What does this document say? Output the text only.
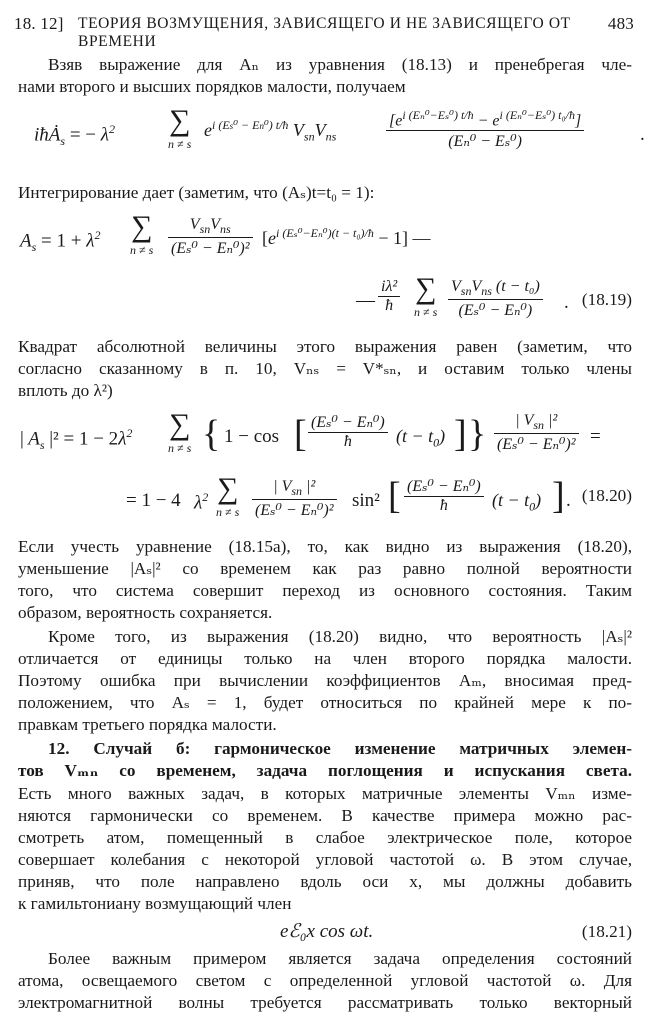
18. 12] ТЕОРИЯ ВОЗМУЩЕНИЯ, ЗАВИСЯЩЕГО И НЕ ЗАВИСЯЩЕГО ОТ ВРЕМЕНИ
483
Взяв выражение для Aₙ из уравнения (18.13) и пренебрегая чле-
нами второго и высших порядков малости, получаем
iħȦ$_s$ = − $\lambda^2$ ∑
n ≠ s
$e^{i (Es^0 - En^0) t/ħ}$ $V_{sn}V_{ns}$	$\frac{[e^{i (E_n^0-E_s^0) t/ħ} - e^{i (E_n^0-E_s^0) t_0/ħ}]}{\text{(Eₙ⁰ − Eₛ⁰)}}$	.
Интегрирование дает (заметим, что (Aₛ)t=t₀ = 1):
$A_s = 1 + \lambda^2$ ∑
n ≠ s
$V_{sn}V_{ns}$
(Eₛ⁰ − Eₙ⁰)²
$[e^{i (E_s^0-E_n^0)(t - t_0)/ħ} - 1]$ —
— $\frac{\text{iλ²}}{ħ}$ ∑
n ≠ s
$V_{sn}V_{ns}$ (t − t₀)
(Eₛ⁰ − Eₙ⁰)	. (18.19)
Квадрат абсолютной величины этого выражения равен (заметим, что
согласно сказанному в п. 10, Vₙₛ = V*ₛₙ, и оставим только члены
вплоть до λ²)
| $A_s$ $|^2 = 1 - 2\lambda^2$ ∑
n ≠ s { 1 − cos [ $\frac{\text{(Eₛ⁰ − Eₙ⁰)}}{ħ} (t - t_0)$ ] }	| $V_{sn}$ |²
(Eₛ⁰ − Eₙ⁰)² =
= 1 − 4 $\lambda^2$ ∑
n ≠ s
| $V_{sn}$ |²
(Eₛ⁰ − Eₙ⁰)² sin² [ $\frac{\text{(Eₛ⁰ − Eₙ⁰)}}{ħ} (t - t_0)$ ] . (18.20)
Если учесть уравнение (18.15а), то, как видно из выражения (18.20),
уменьшение |Aₛ|² со временем как раз равно полной вероятности
того, что система совершит переход из основного состояния. Таким
образом, вероятность сохраняется.
Кроме того, из выражения (18.20) видно, что вероятность |Aₛ|²
отличается от единицы только на член второго порядка малости.
Поэтому ошибка при вычислении коэффициентов Aₘ, вносимая пред-
положением, что Aₛ = 1, будет относиться по крайней мере к по-
правкам третьего порядка малости.
12. Случай б: гармоническое изменение матричных элемен-
тов Vₘₙ со временем, задача поглощения и испускания света.
Есть много важных задач, в которых матричные элементы Vₘₙ изме-
няются гармонически со временем. В качестве примера можно рас-
смотреть атом, помещенный в слабое электрическое поле, которое
совершает колебания с некоторой угловой частотой ω. В этом случае,
приняв, что поле направлено вдоль оси x, мы должны добавить
к гамильтониану возмущающий член
eℰ₀x cos ωt.	(18.21)
Более важным примером является задача определения состояний
атома, освещаемого светом с определенной угловой частотой ω. Для
электромагнитной волны требуется рассматривать только векторный
